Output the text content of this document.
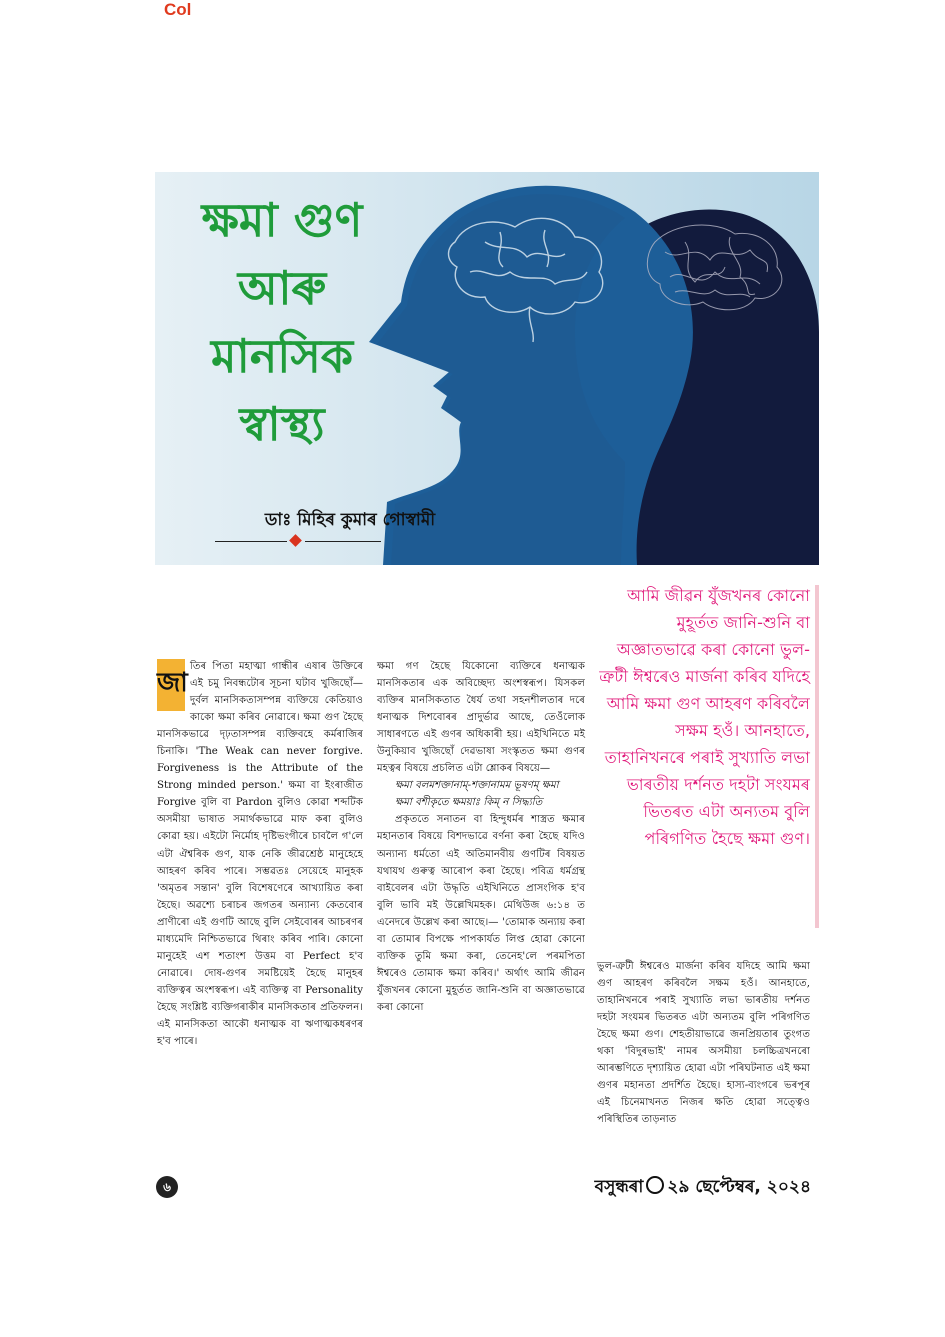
Col
ক্ষমা গুণ
আৰু
মানসিক
স্বাস্থ্য
ডাঃ মিহিৰ কুমাৰ গোস্বামী
আমি জীৱন যুঁজখনৰ কোনো মুহূৰ্তত জানি-শুনি বা অজ্ঞাতভাৱে কৰা কোনো ভুল-ত্ৰুটী ঈশ্বৰেও মাৰ্জনা কৰিব যদিহে আমি ক্ষমা গুণ আহৰণ কৰিবলৈ সক্ষম হওঁ। আনহাতে, তাহানিখনৰে পৰাই সুখ্যাতি লভা ভাৰতীয় দৰ্শনত দহটা সংযমৰ ভিতৰত এটা অন্যতম বুলি পৰিগণিত হৈছে ক্ষমা গুণ।
জা

তিৰ পিতা মহাত্মা গান্ধীৰ এষাৰ উক্তিৰে এই চমু নিবন্ধটোৰ সূচনা ঘটাব খুজিছোঁ— দুৰ্বল মানসিকতাসম্পন্ন ব্যক্তিয়ে কেতিয়াও কাকো ক্ষমা কৰিব নোৱাৰে। ক্ষমা গুণ হৈছে মানসিকভাৱে দৃঢ়তাসম্পন্ন ব্যক্তিবহে কৰ্মৰাজিৰ চিনাকি। 'The Weak can never forgive. Forgiveness is the Attribute of the Strong minded person.' ক্ষমা বা ইংৰাজীত Forgive বুলি বা Pardon বুলিও কোৱা শব্দটিক অসমীয়া ভাষাত সমাৰ্থকভাৱে মাফ কৰা বুলিও কোৱা হয়। এইটো নিৰ্মোহ দৃষ্টিভংগীৰে চাবলৈ গ'লে এটা ঐশ্বৰিক গুণ, যাক নেকি জীৱশ্ৰেষ্ঠ মানুহেহে আহৰণ কৰিব পাৰে। সম্ভৱতঃ সেয়েহে মানুহক 'অমৃতৰ সন্তান' বুলি বিশেষণেৰে আখ্যায়িত কৰা হৈছে। অৱশ্যে চৰাচৰ জগতৰ অন্যান্য কেতবোৰ প্ৰাণীৰো এই গুণটি আছে বুলি সেইবোৰৰ আচৰণৰ মাধ্যমেদি নিশ্চিতভাৱে থিৰাং কৰিব পাৰি। কোনো মানুহেই এশ শতাংশ উত্তম বা Perfect হ'ব নোৱাৰে। দোষ-গুণৰ সমষ্টিয়েই হৈছে মানুহৰ ব্যক্তিত্বৰ অংশস্বৰূপ। এই ব্যক্তিত্ব বা Personality হৈছে সংশ্লিষ্ট ব্যক্তিগৰাকীৰ মানসিকতাৰ প্ৰতিফলন। এই মানসিকতা আকৌ ধনাত্মক বা ঋণাত্মকধৰণৰ হ'ব পাৰে।

ক্ষমা গণ হৈছে যিকোনো ব্যক্তিৰে ধনাত্মক মানসিকতাৰ এক অবিচ্ছেদ্য অংশস্বৰূপ। যিসকল ব্যক্তিৰ মানসিকতাত ধৈৰ্য তথা সহনশীলতাৰ দৰে ধনাত্মক দিশবোৰৰ প্ৰাদুৰ্ভাৱ আছে, তেওঁলোক সাধাৰণতে এই গুণৰ অধিকাৰী হয়। এইখিনিতে মই উনুকিয়াব খুজিছোঁ দেৱভাষা সংস্কৃতত ক্ষমা গুণৰ মহত্বৰ বিষয়ে প্ৰচলিত এটা শ্লোকৰ বিষয়ে—

ক্ষমা বলমশক্তানাম্-শক্তানামম ভূষণম্ ক্ষমা

ক্ষমা বশীকৃতে ক্ষময়াঃ কিম্ ন সিদ্ধ্যতি

প্ৰকৃততে সনাতন বা হিন্দুধৰ্মৰ শাস্ত্ৰত ক্ষমাৰ মহানতাৰ বিষয়ে বিশদভাৱে বৰ্ণনা কৰা হৈছে যদিও অন্যান্য ধৰ্মতো এই অতিমানবীয় গুণটিৰ বিষয়ত যথাযথ গুৰুত্ব আৰোপ কৰা হৈছে। পবিত্ৰ ধৰ্মগ্ৰন্থ বাইবেলৰ এটা উদ্ধৃতি এইখিনিতে প্ৰাসংগিক হ'ব বুলি ভাবি মই উল্লেখিমহক। মেথিউজ ৬:১৪ ত এনেদৰে উল্লেখ কৰা আছে।— 'তোমাক অন্যায় কৰা বা তোমাৰ বিপক্ষে পাপকাৰ্যত লিপ্ত হোৱা কোনো ব্যক্তিক তুমি ক্ষমা কৰা, তেনেহ'লে পৰমপিতা ঈশ্বৰেও তোমাক ক্ষমা কৰিব।' অৰ্থাৎ আমি জীৱন যুঁজখনৰ কোনো মুহূৰ্তত জানি-শুনি বা অজ্ঞাতভাৱে কৰা কোনো

ভুল-ত্ৰুটী ঈশ্বৰেও মাৰ্জনা কৰিব যদিহে আমি ক্ষমা গুণ আহৰণ কৰিবলৈ সক্ষম হওঁ। আনহাতে, তাহানিখনৰে পৰাই সুখ্যাতি লভা ভাৰতীয় দৰ্শনত দহটা সংযমৰ ভিতৰত এটা অন্যতম বুলি পৰিগণিত হৈছে ক্ষমা গুণ। শেহতীয়াভাৱে জনপ্ৰিয়তাৰ তুংগত থকা 'বিদুৰভাই' নামৰ অসমীয়া চলচ্চিত্ৰখনৰো আৰম্ভণিতে দৃশ্যায়িত হোৱা এটা পৰিঘটনাত এই ক্ষমা গুণৰ মহানতা প্ৰদৰ্শিত হৈছে। হাস্য-ব্যংগৰে ভৰপূৰ এই চিনেমাখনত নিজৰ ক্ষতি হোৱা সত্ত্বেও পৰিস্থিতিৰ তাড়নাত

৬	বসুন্ধৰা ২৯ ছেপ্টেম্বৰ, ২০২৪
